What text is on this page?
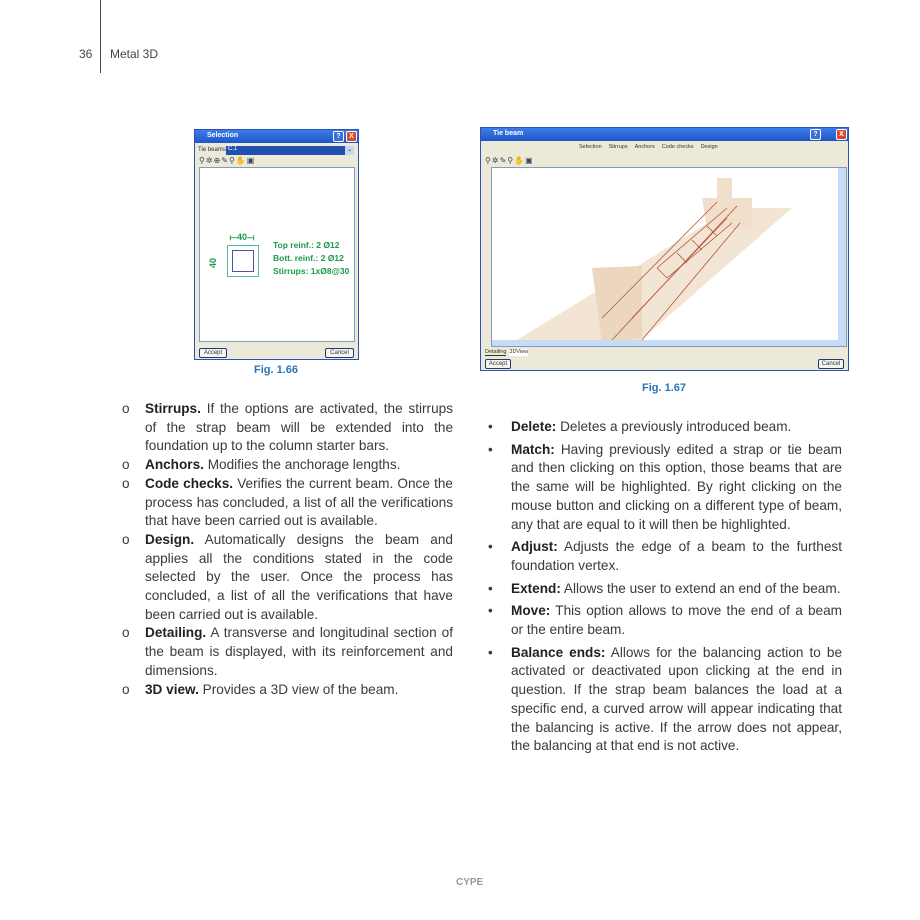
36 Metal 3D
Selection	?	X
Tie beams C.1	⌄
⚲✲⊕✎⚲✋▣
⟝40⟞
40
Top reinf.: 2 Ø12
Bott. reinf.: 2 Ø12
Stirrups: 1xØ8@30
Accept	Cancel
Fig. 1.66
Tie beam	?	X
Selection Stirrups Anchors Code checks Design
⚲✲✎⚲✋▣
Detailing 3DView
Accept	Cancel
Fig. 1.67
o Stirrups. If the options are activated, the stirrups of the strap beam will be extended into the foundation up to the column starter bars.
o Anchors. Modifies the anchorage lengths.
o Code checks. Verifies the current beam. Once the process has concluded, a list of all the verifications that have been carried out is available.
o Design. Automatically designs the beam and applies all the conditions stated in the code selected by the user. Once the process has concluded, a list of all the verifications that have been carried out is available.
o Detailing. A transverse and longitudinal section of the beam is displayed, with its reinforcement and dimensions.
o 3D view. Provides a 3D view of the beam.
• Delete: Deletes a previously introduced beam.
• Match: Having previously edited a strap or tie beam and then clicking on this option, those beams that are the same will be highlighted. By right clicking on the mouse button and clicking on a different type of beam, any that are equal to it will then be highlighted.
• Adjust: Adjusts the edge of a beam to the furthest foundation vertex.
• Extend: Allows the user to extend an end of the beam.
• Move: This option allows to move the end of a beam or the entire beam.
• Balance ends: Allows for the balancing action to be activated or deactivated upon clicking at the end in question. If the strap beam balances the load at a specific end, a curved arrow will appear indicating that the balancing is active. If the arrow does not appear, the balancing at that end is not active.
CYPE
